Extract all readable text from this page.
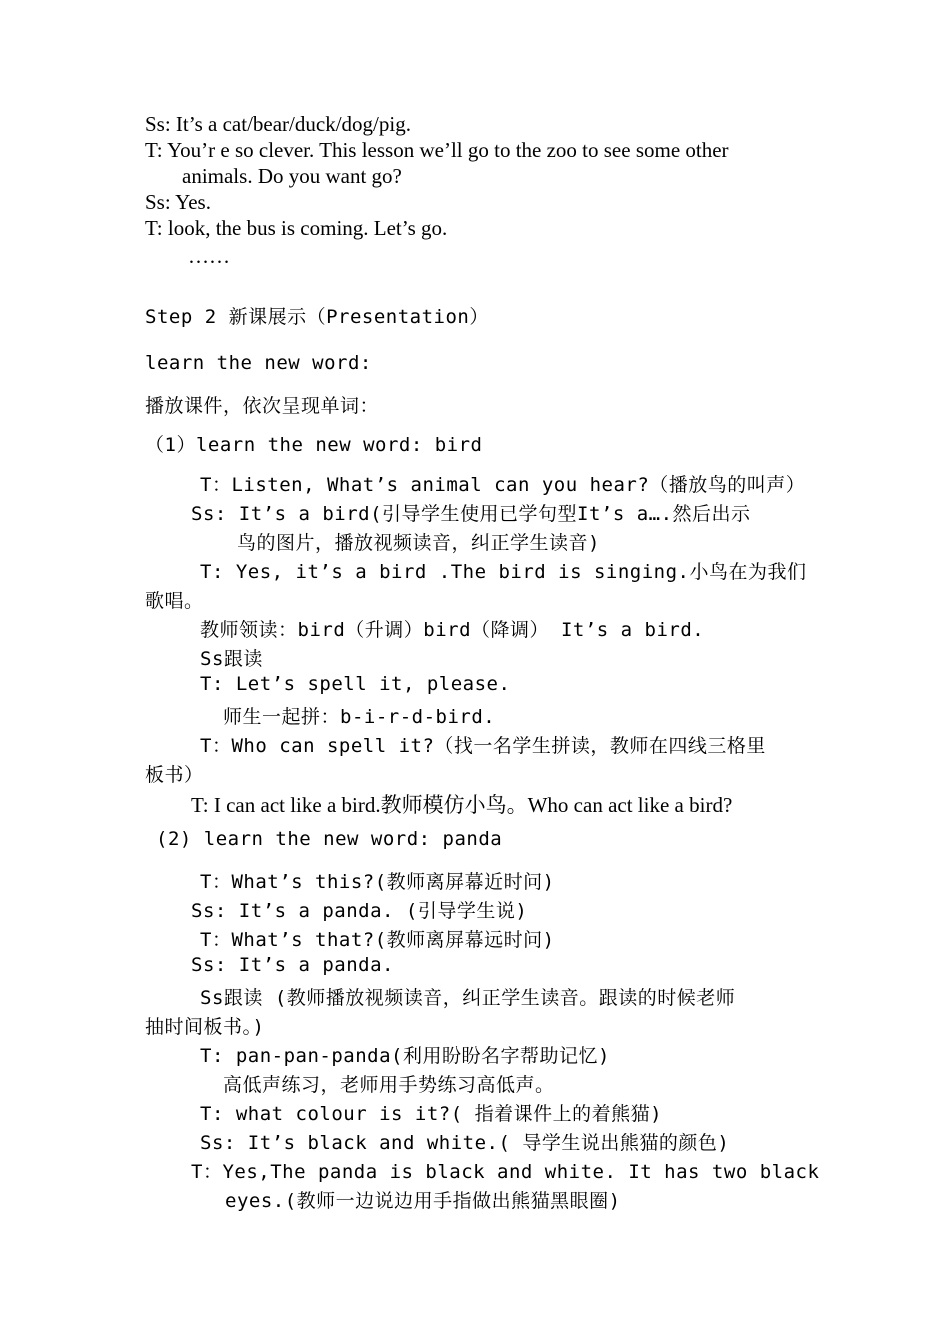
Ss: It’s a cat/bear/duck/dog/pig.
T: You’r e so clever. This lesson we’ll go to the zoo to see some other
animals. Do you want go?
Ss: Yes.
T: look, the bus is coming. Let’s go.
……
Step 2 新课展示（Presentation）
learn the new word:
播放课件，依次呈现单词：
（1）learn the new word: bird
T：Listen, What’s animal can you hear?（播放鸟的叫声）
Ss: It’s a bird(引导学生使用已学句型It’s a….然后出示
鸟的图片，播放视频读音，纠正学生读音)
T: Yes, it’s a bird .The bird is singing.小鸟在为我们
歌唱。
教师领读：bird（升调）bird（降调） It’s a bird.
Ss跟读
T: Let’s spell it, please.
师生一起拼：b-i-r-d-bird.
T：Who can spell it?（找一名学生拼读，教师在四线三格里
板书）
T: I can act like a bird.教师模仿小鸟。Who can act like a bird?
(2) learn the new word: panda
T：What’s this?(教师离屏幕近时问)
Ss: It’s a panda. (引导学生说)
T：What’s that?(教师离屏幕远时问)
Ss: It’s a panda.
Ss跟读 (教师播放视频读音，纠正学生读音。跟读的时候老师
抽时间板书。)
T: pan-pan-panda(利用盼盼名字帮助记忆)
高低声练习，老师用手势练习高低声。
T: what colour is it?( 指着课件上的着熊猫)
Ss: It’s black and white.( 导学生说出熊猫的颜色)
T：Yes,The panda is black and white. It has two black
eyes.(教师一边说边用手指做出熊猫黑眼圈)
